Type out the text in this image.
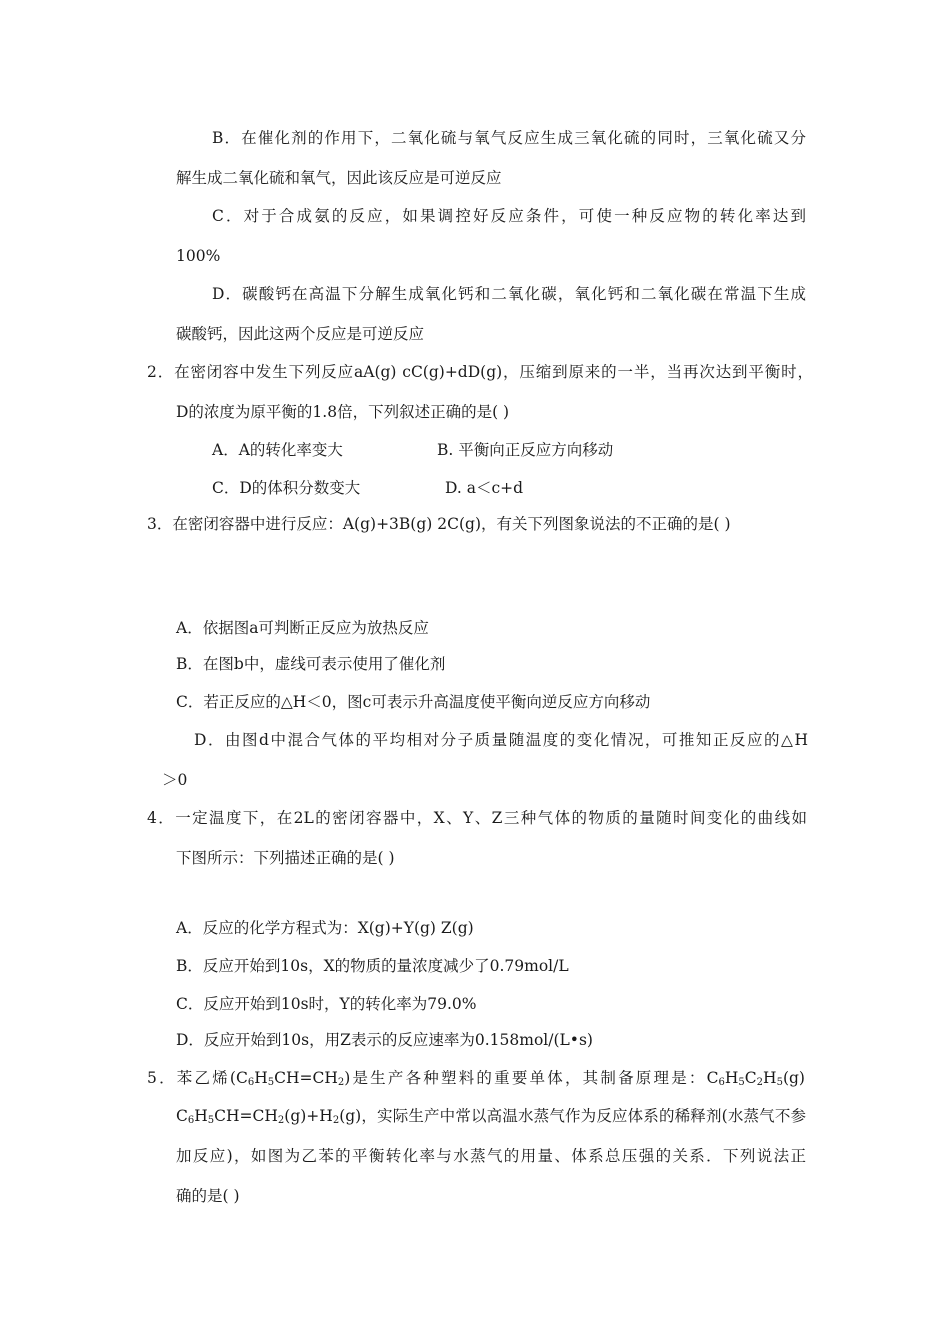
B．在催化剂的作用下，二氧化硫与氧气反应生成三氧化硫的同时，三氧化硫又分
解生成二氧化硫和氧气，因此该反应是可逆反应
C．对于合成氨的反应，如果调控好反应条件，可使一种反应物的转化率达到
100%
D．碳酸钙在高温下分解生成氧化钙和二氧化碳，氧化钙和二氧化碳在常温下生成
碳酸钙，因此这两个反应是可逆反应
2．在密闭容中发生下列反应aA(g) cC(g)+dD(g)，压缩到原来的一半，当再次达到平衡时，
D的浓度为原平衡的1.8倍，下列叙述正确的是( )
A．A的转化率变大	B. 平衡向正反应方向移动
C．D的体积分数变大	D. a＜c+d
3．在密闭容器中进行反应：A(g)+3B(g) 2C(g)，有关下列图象说法的不正确的是( )
A．依据图a可判断正反应为放热反应
B．在图b中，虚线可表示使用了催化剂
C．若正反应的△H＜0，图c可表示升高温度使平衡向逆反应方向移动
D．由图d中混合气体的平均相对分子质量随温度的变化情况，可推知正反应的△H
＞0
4．一定温度下，在2L的密闭容器中，X、Y、Z三种气体的物质的量随时间变化的曲线如
下图所示：下列描述正确的是( )
A．反应的化学方程式为：X(g)+Y(g) Z(g)
B．反应开始到10s，X的物质的量浓度减少了0.79mol/L
C．反应开始到10s时，Y的转化率为79.0%
D．反应开始到10s，用Z表示的反应速率为0.158mol/(L•s)
5．苯乙烯$(C_6H_5CH=CH_2)$是生产各种塑料的重要单体，其制备原理是：$C_6H_5C_2H_5(g)$
$C_6H_5CH=CH_2(g)+H_2(g)$，实际生产中常以高温水蒸气作为反应体系的稀释剂(水蒸气不参
加反应)，如图为乙苯的平衡转化率与水蒸气的用量、体系总压强的关系．下列说法正
确的是( )
